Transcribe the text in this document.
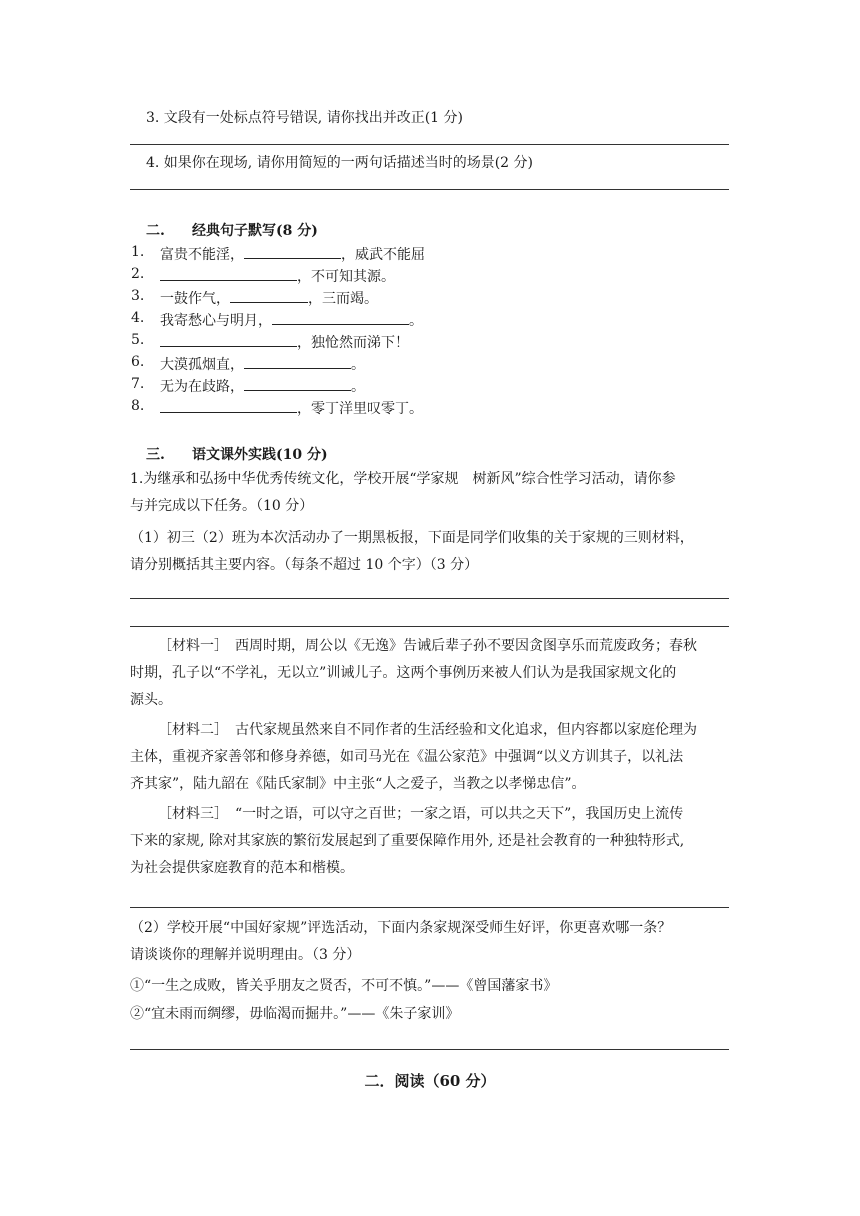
3. 文段有一处标点符号错误, 请你找出并改正(1 分)
4. 如果你在现场, 请你用简短的一两句话描述当时的场景(2 分)
二. 经典句子默写(8 分)
1. 富贵不能淫，	，威武不能屈
2.	，不可知其源。
3. 一鼓作气，	，三而竭。
4. 我寄愁心与明月，	。
5.	，独怆然而涕下！
6. 大漠孤烟直，	。
7. 无为在歧路，	。
8.	，零丁洋里叹零丁。
三. 语文课外实践(10 分)
1.为继承和弘扬中华优秀传统文化，学校开展“学家规　树新风”综合性学习活动，请你参
与并完成以下任务。（10 分）
（1）初三（2）班为本次活动办了一期黑板报，下面是同学们收集的关于家规的三则材料，
请分别概括其主要内容。（每条不超过 10 个字）（3 分）
［材料一］　西周时期，周公以《无逸》告诫后辈子孙不要因贪图享乐而荒废政务；春秋
时期，孔子以“不学礼，无以立”训诫儿子。这两个事例历来被人们认为是我国家规文化的
源头。
［材料二］　古代家规虽然来自不同作者的生活经验和文化追求，但内容都以家庭伦理为
主体，重视齐家善邻和修身养德，如司马光在《温公家范》中强调“以义方训其子，以礼法
齐其家”，陆九韶在《陆氏家制》中主张“人之爱子，当教之以孝悌忠信”。
［材料三］　“一时之语，可以守之百世；一家之语，可以共之天下”，我国历史上流传
下来的家规, 除对其家族的繁衍发展起到了重要保障作用外, 还是社会教育的一种独特形式,
为社会提供家庭教育的范本和楷模。
（2）学校开展“中国好家规”评选活动，下面内条家规深受师生好评，你更喜欢哪一条？
请谈谈你的理解并说明理由。（3 分）
①“一生之成败，皆关乎朋友之贤否，不可不慎。”——《曾国藩家书》
②“宜未雨而绸缪，毋临渴而掘井。”——《朱子家训》
二．阅读（60 分）
